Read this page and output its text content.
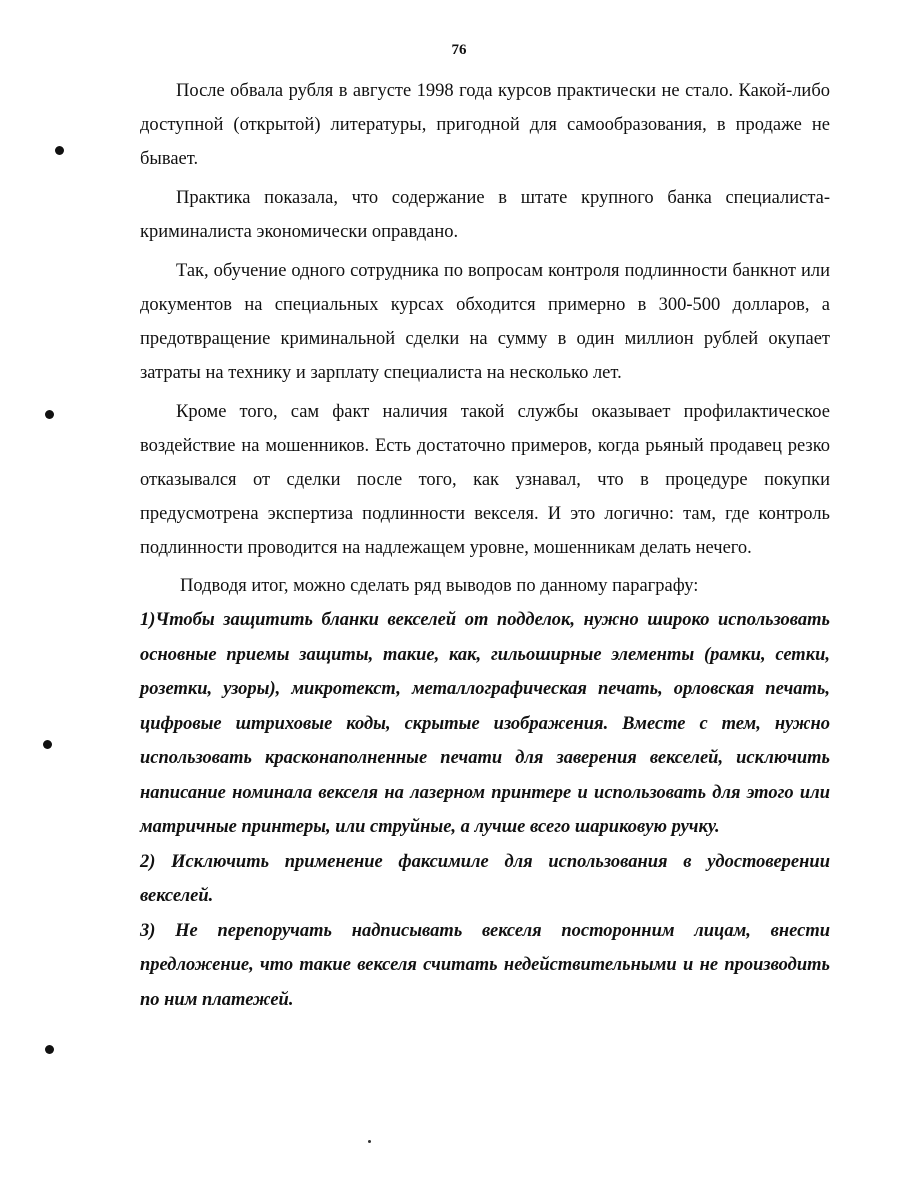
76

После обвала рубля в августе 1998 года курсов практически не стало. Какой-либо доступной (открытой) литературы, пригодной для самообразования, в продаже не бывает.

Практика показала, что содержание в штате крупного банка специалиста-криминалиста экономически оправдано.

Так, обучение одного сотрудника по вопросам контроля подлинности банкнот или документов на специальных курсах обходится примерно в 300-500 долларов, а предотвращение криминальной сделки на сумму в один миллион рублей окупает затраты на технику и зарплату специалиста на несколько лет.

Кроме того, сам факт наличия такой службы оказывает профилактическое воздействие на мошенников. Есть достаточно примеров, когда рьяный продавец резко отказывался от сделки после того, как узнавал, что в процедуре покупки предусмотрена экспертиза подлинности векселя. И это логично: там, где контроль подлинности проводится на надлежащем уровне, мошенникам делать нечего.

Подводя итог, можно сделать ряд выводов по данному параграфу:

1)Чтобы защитить бланки векселей от подделок, нужно широко использовать основные приемы защиты, такие, как, гильоширные элементы (рамки, сетки, розетки, узоры), микротекст, металлографическая печать, орловская печать, цифровые штриховые коды, скрытые изображения. Вместе с тем, нужно использовать красконаполненные печати для заверения векселей, исключить написание номинала векселя на лазерном принтере и использовать для этого или матричные принтеры, или струйные, а лучше всего шариковую ручку.

2) Исключить применение факсимиле для использования в удостоверении векселей.

3) Не перепоручать надписывать векселя посторонним лицам, внести предложение, что такие векселя считать недействительными и не производить по ним платежей.
